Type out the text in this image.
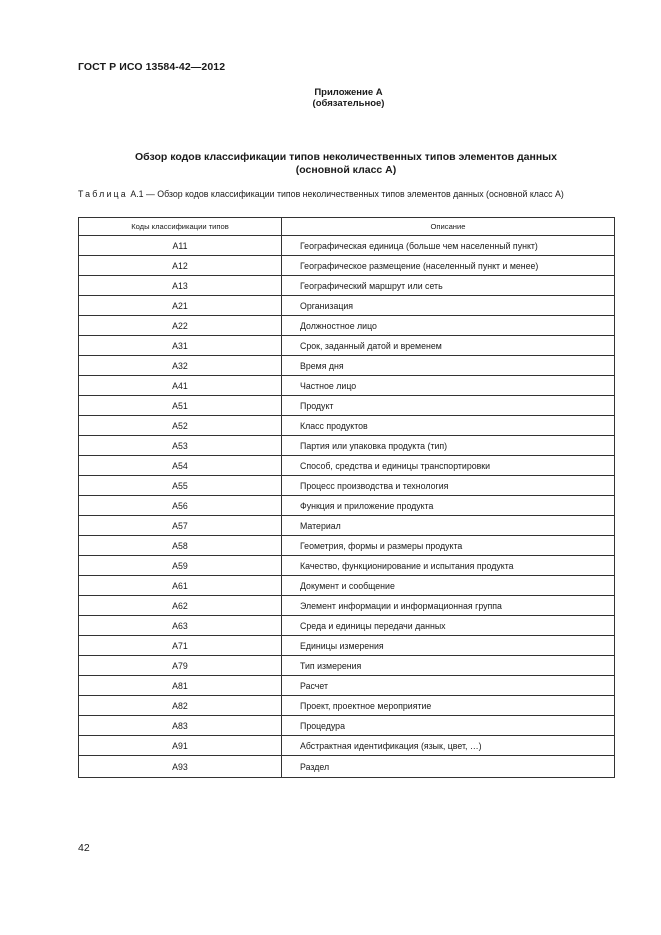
ГОСТ Р ИСО 13584-42—2012
Приложение А
(обязательное)
Обзор кодов классификации типов неколичественных типов элементов данных
(основной класс А)
Таблица А.1 — Обзор кодов классификации типов неколичественных типов элементов данных (основной класс А)
Коды классификации типов	Описание
A11	Географическая единица (больше чем населенный пункт)
A12	Географическое размещение (населенный пункт и менее)
A13	Географический маршрут или сеть
A21	Организация
A22	Должностное лицо
A31	Срок, заданный датой и временем
A32	Время дня
A41	Частное лицо
A51	Продукт
A52	Класс продуктов
A53	Партия или упаковка продукта (тип)
A54	Способ, средства и единицы транспортировки
A55	Процесс производства и технология
A56	Функция и приложение продукта
A57	Материал
A58	Геометрия, формы и размеры продукта
A59	Качество, функционирование и испытания продукта
A61	Документ и сообщение
A62	Элемент информации и информационная группа
A63	Среда и единицы передачи данных
A71	Единицы измерения
A79	Тип измерения
A81	Расчет
A82	Проект, проектное мероприятие
A83	Процедура
A91	Абстрактная идентификация (язык, цвет, …)
A93	Раздел
42
